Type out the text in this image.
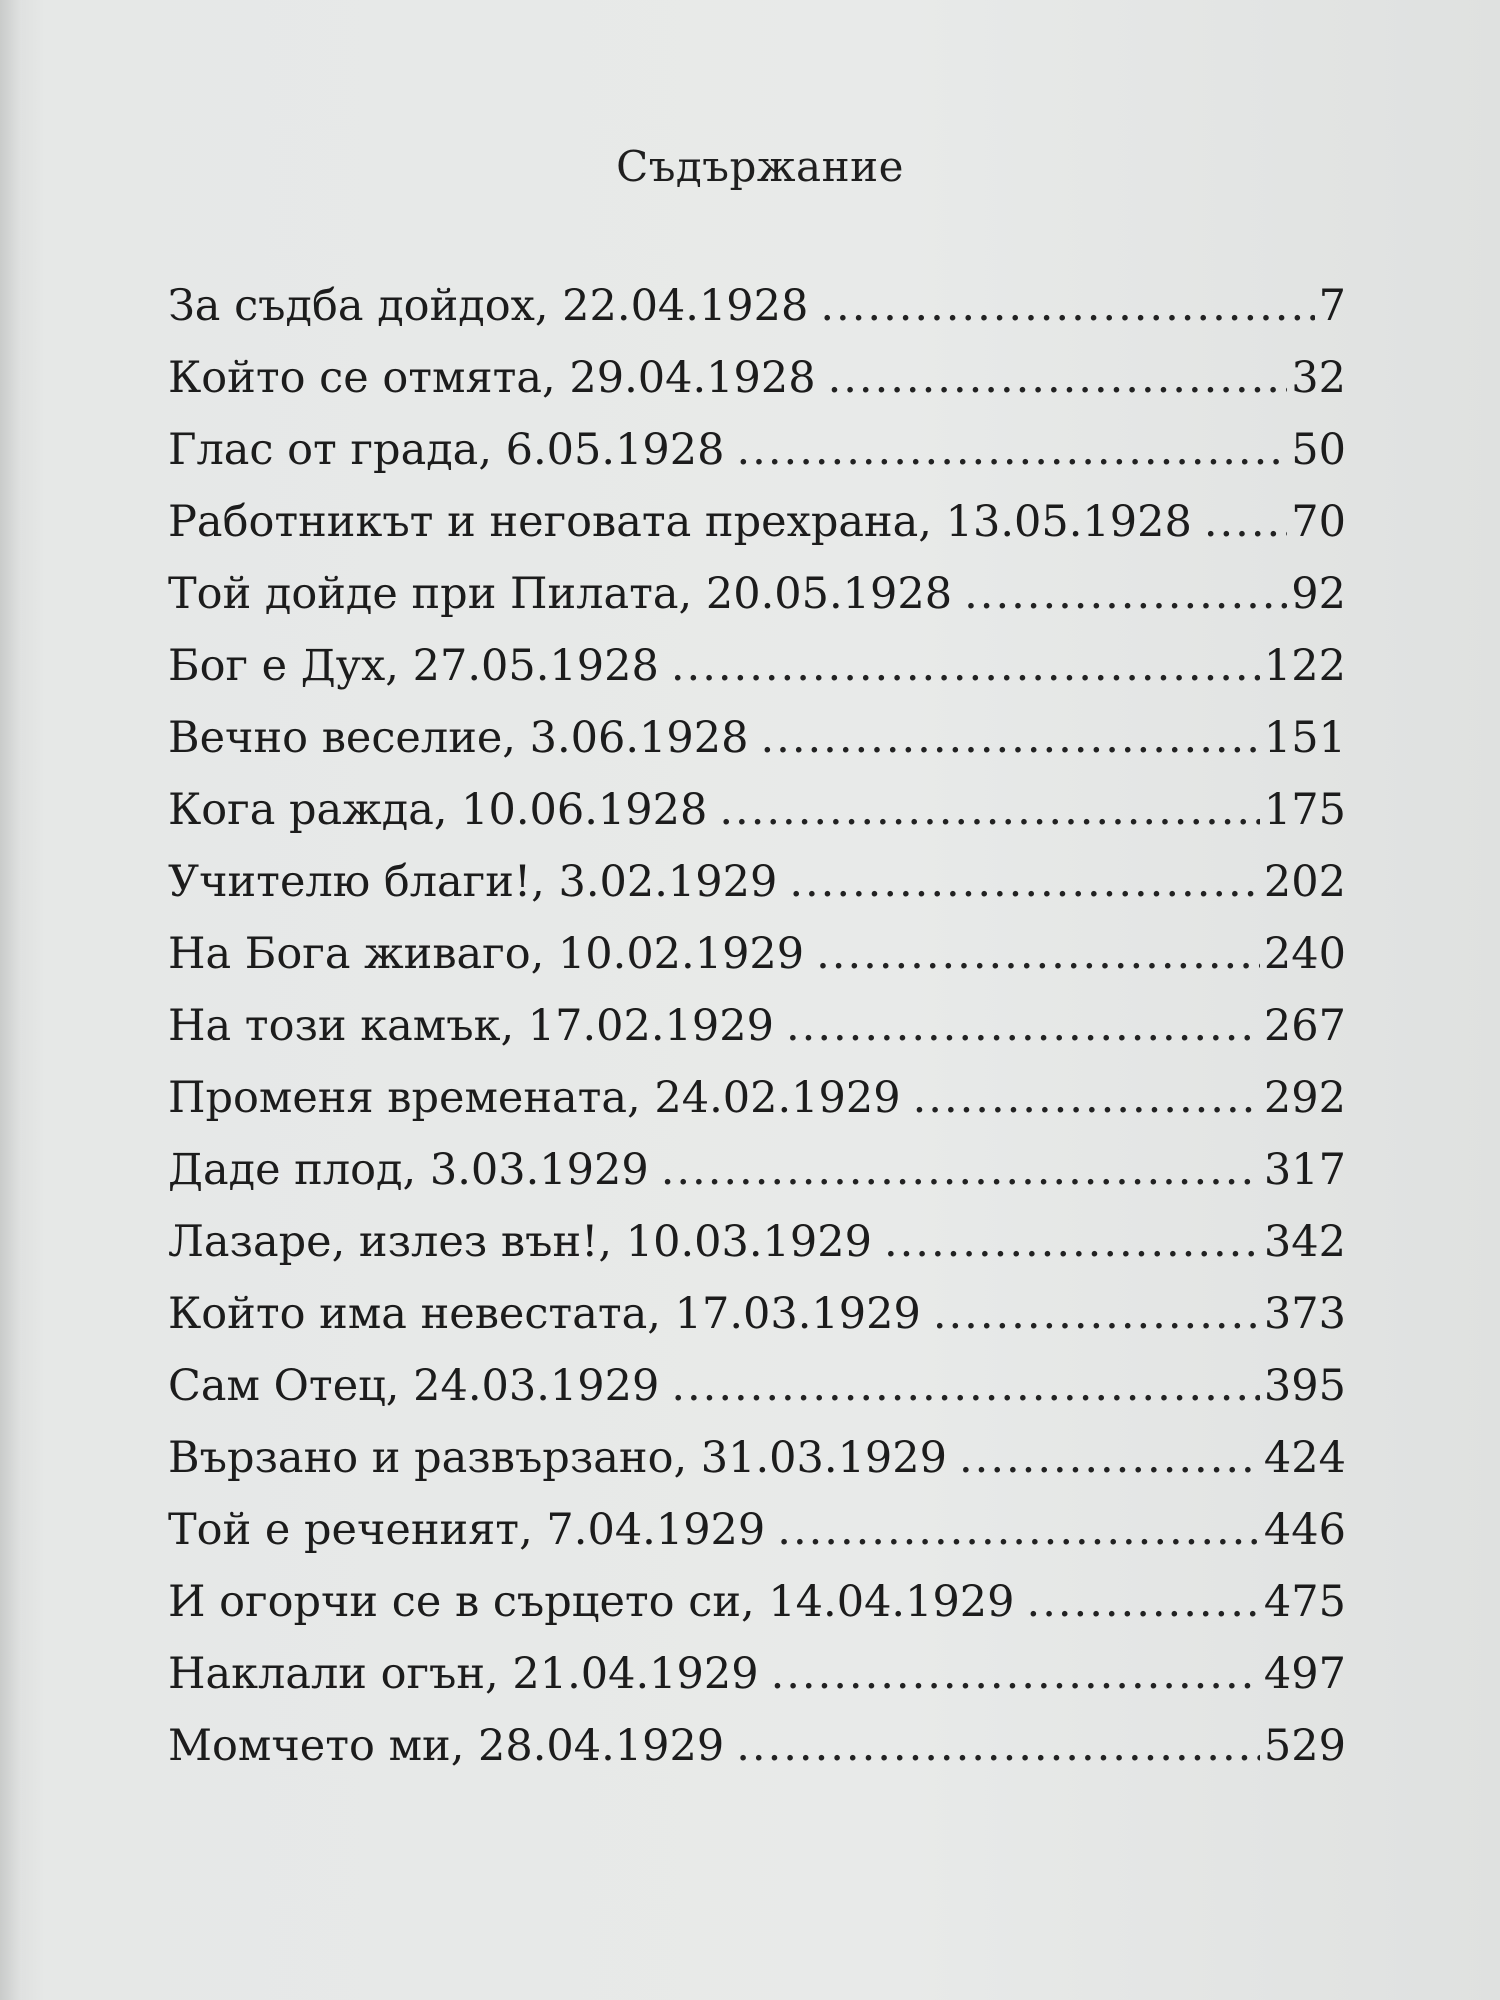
Съдържание
За съдба дойдох, 22.04.1928 .....	7
Който се отмята, 29.04.1928 .....	32
Глас от града, 6.05.1928 .....	50
Работникът и неговата прехрана, 13.05.1928 ..... 70
Той дойде при Пилата, 20.05.1928 .....	92
Бог е Дух, 27.05.1928 .....	122
Вечно веселие, 3.06.1928 .....	151
Кога ражда, 10.06.1928 .....	175
Учителю благи!, 3.02.1929 .....	202
На Бога живаго, 10.02.1929 .....	240
На този камък, 17.02.1929 .....	267
Променя времената, 24.02.1929 .....	292
Даде плод, 3.03.1929 .....	317
Лазаре, излез вън!, 10.03.1929 .....	342
Който има невестата, 17.03.1929 .....	373
Сам Отец, 24.03.1929 .....	395
Вързано и развързано, 31.03.1929 .....	424
Той е реченият, 7.04.1929 .....	446
И огорчи се в сърцето си, 14.04.1929 .....	475
Наклали огън, 21.04.1929 .....	497
Момчето ми, 28.04.1929 .....	529
